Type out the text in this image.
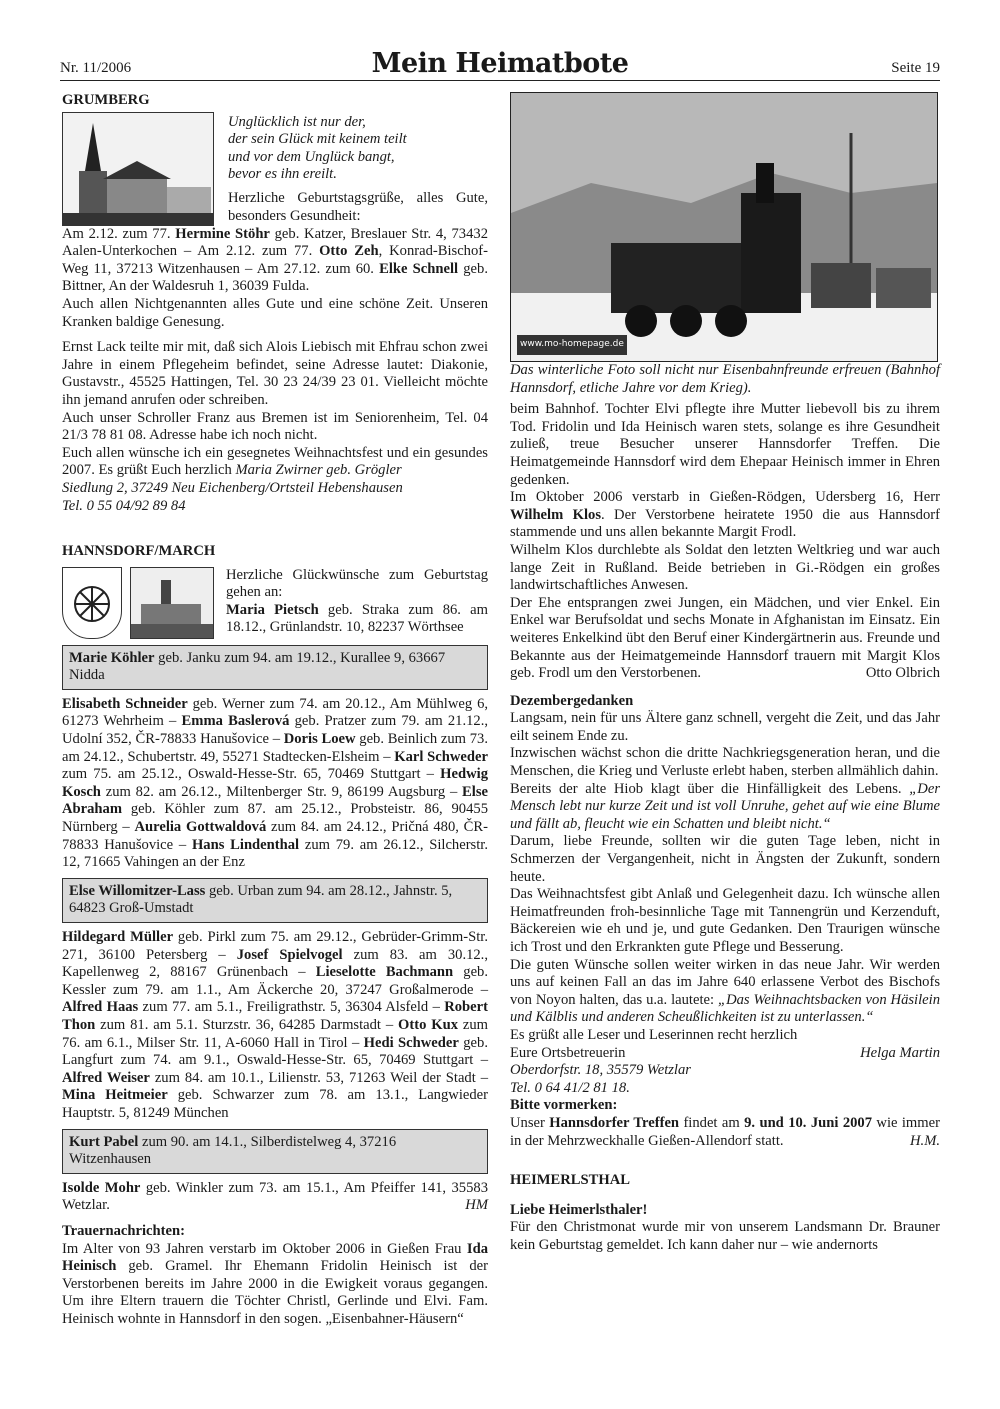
Nr. 11/2006	Mein Heimatbote	Seite 19

GRUMBERG

Unglücklich ist nur der,
der sein Glück mit keinem teilt
und vor dem Unglück bangt,
bevor es ihn ereilt.

Herzliche Geburtstagsgrüße, alles Gute, besonders Gesundheit:

Am 2.12. zum 77. Hermine Stöhr geb. Katzer, Breslauer Str. 4, 73432 Aalen-Unterkochen – Am 2.12. zum 77. Otto Zeh, Konrad-Bischof-Weg 11, 37213 Witzenhausen – Am 27.12. zum 60. Elke Schnell geb. Bittner, An der Waldesruh 1, 36039 Fulda.

Auch allen Nichtgenannten alles Gute und eine schöne Zeit. Unseren Kranken baldige Genesung.

Ernst Lack teilte mir mit, daß sich Alois Liebisch mit Ehfrau schon zwei Jahre in einem Pflegeheim befindet, seine Adresse lautet: Diakonie, Gustavstr., 45525 Hattingen, Tel. 30 23 24/39 23 01. Vielleicht möchte ihn jemand anrufen oder schreiben.

Auch unser Schroller Franz aus Bremen ist im Seniorenheim, Tel. 04 21/3 78 81 08. Adresse habe ich noch nicht.

Euch allen wünsche ich ein gesegnetes Weihnachtsfest und ein gesundes 2007. Es grüßt Euch herzlich Maria Zwirner geb. Grögler

Siedlung 2, 37249 Neu Eichenberg/Ortsteil Hebenshausen

Tel. 0 55 04/92 89 84

HANNSDORF/MARCH

Herzliche Glückwünsche zum Geburtstag gehen an:

Maria Pietsch geb. Straka zum 86. am 18.12., Grünlandstr. 10, 82237 Wörthsee

Marie Köhler geb. Janku zum 94. am 19.12., Kurallee 9, 63667 Nidda

Elisabeth Schneider geb. Werner zum 74. am 20.12., Am Mühlweg 6, 61273 Wehrheim – Emma Baslerová geb. Pratzer zum 79. am 21.12., Udolní 352, ČR-78833 Hanušovice – Doris Loew geb. Beinlich zum 73. am 24.12., Schubertstr. 49, 55271 Stadtecken-Elsheim – Karl Schweder zum 75. am 25.12., Oswald-Hesse-Str. 65, 70469 Stuttgart – Hedwig Kosch zum 82. am 26.12., Miltenberger Str. 9, 86199 Augsburg – Else Abraham geb. Köhler zum 87. am 25.12., Probsteistr. 86, 90455 Nürnberg – Aurelia Gottwaldová zum 84. am 24.12., Pričná 480, ČR-78833 Hanušovice – Hans Lindenthal zum 79. am 26.12., Silcherstr. 12, 71665 Vahingen an der Enz

Else Willomitzer-Lass geb. Urban zum 94. am 28.12., Jahnstr. 5, 64823 Groß-Umstadt

Hildegard Müller geb. Pirkl zum 75. am 29.12., Gebrüder-Grimm-Str. 271, 36100 Petersberg – Josef Spielvogel zum 83. am 30.12., Kapellenweg 2, 88167 Grünenbach – Lieselotte Bachmann geb. Kessler zum 79. am 1.1., Am Äckerche 20, 37247 Großalmerode – Alfred Haas zum 77. am 5.1., Freiligrathstr. 5, 36304 Alsfeld – Robert Thon zum 81. am 5.1. Sturzstr. 36, 64285 Darmstadt – Otto Kux zum 76. am 6.1., Milser Str. 11, A-6060 Hall in Tirol – Hedi Schweder geb. Langfurt zum 74. am 9.1., Oswald-Hesse-Str. 65, 70469 Stuttgart – Alfred Weiser zum 84. am 10.1., Lilienstr. 53, 71263 Weil der Stadt – Mina Heitmeier geb. Schwarzer zum 78. am 13.1., Langwieder Hauptstr. 5, 81249 München

Kurt Pabel zum 90. am 14.1., Silberdistelweg 4, 37216 Witzenhausen

Isolde Mohr geb. Winkler zum 73. am 15.1., Am Pfeiffer 141, 35583 Wetzlar.	HM

Trauernachrichten:

Im Alter von 93 Jahren verstarb im Oktober 2006 in Gießen Frau Ida Heinisch geb. Gramel. Ihr Ehemann Fridolin Heinisch ist der Verstorbenen bereits im Jahre 2000 in die Ewigkeit voraus gegangen. Um ihre Eltern trauern die Töchter Christl, Gerlinde und Elvi. Fam. Heinisch wohnte in Hannsdorf in den sogen. „Eisenbahner-Häusern“

www.mo-homepage.de

Das winterliche Foto soll nicht nur Eisenbahnfreunde erfreuen (Bahnhof Hannsdorf, etliche Jahre vor dem Krieg).

beim Bahnhof. Tochter Elvi pflegte ihre Mutter liebevoll bis zu ihrem Tod. Fridolin und Ida Heinisch waren stets, solange es ihre Gesundheit zuließ, treue Besucher unserer Hannsdorfer Treffen. Die Heimatgemeinde Hannsdorf wird dem Ehepaar Heinisch immer in Ehren gedenken.

Im Oktober 2006 verstarb in Gießen-Rödgen, Udersberg 16, Herr Wilhelm Klos. Der Verstorbene heiratete 1950 die aus Hannsdorf stammende und uns allen bekannte Margit Frodl.

Wilhelm Klos durchlebte als Soldat den letzten Weltkrieg und war auch lange Zeit in Rußland. Beide betrieben in Gi.-Rödgen ein großes landwirtschaftliches Anwesen.

Der Ehe entsprangen zwei Jungen, ein Mädchen, und vier Enkel. Ein Enkel war Berufsoldat und sechs Monate in Afghanistan im Einsatz. Ein weiteres Enkelkind übt den Beruf einer Kindergärtnerin aus. Freunde und Bekannte aus der Heimatgemeinde Hannsdorf trauern mit Margit Klos geb. Frodl um den Verstorbenen.	Otto Olbrich

Dezembergedanken

Langsam, nein für uns Ältere ganz schnell, vergeht die Zeit, und das Jahr eilt seinem Ende zu.

Inzwischen wächst schon die dritte Nachkriegsgeneration heran, und die Menschen, die Krieg und Verluste erlebt haben, sterben allmählich dahin.

Bereits der alte Hiob klagt über die Hinfälligkeit des Lebens. „Der Mensch lebt nur kurze Zeit und ist voll Unruhe, gehet auf wie eine Blume und fällt ab, fleucht wie ein Schatten und bleibt nicht.“

Darum, liebe Freunde, sollten wir die guten Tage leben, nicht in Schmerzen der Vergangenheit, nicht in Ängsten der Zukunft, sondern heute.

Das Weihnachtsfest gibt Anlaß und Gelegenheit dazu. Ich wünsche allen Heimatfreunden froh-besinnliche Tage mit Tannengrün und Kerzenduft, Bäckereien wie eh und je, und gute Gedanken. Den Traurigen wünsche ich Trost und den Erkrankten gute Pflege und Besserung.

Die guten Wünsche sollen weiter wirken in das neue Jahr. Wir werden uns auf keinen Fall an das im Jahre 640 erlassene Verbot des Bischofs von Noyon halten, das u.a. lautete: „Das Weihnachtsbacken von Häsilein und Kälblis und anderen Scheußlichkeiten ist zu unterlassen.“

Es grüßt alle Leser und Leserinnen recht herzlich

Eure Ortsbetreuerin	Helga Martin

Oberdorfstr. 18, 35579 Wetzlar

Tel. 0 64 41/2 81 18.

Bitte vormerken:

Unser Hannsdorfer Treffen findet am 9. und 10. Juni 2007 wie immer in der Mehrzweckhalle Gießen-Allendorf statt.	H.M.

HEIMERLSTHAL

Liebe Heimerlsthaler!

Für den Christmonat wurde mir von unserem Landsmann Dr. Brauner kein Geburtstag gemeldet. Ich kann daher nur – wie andernorts
